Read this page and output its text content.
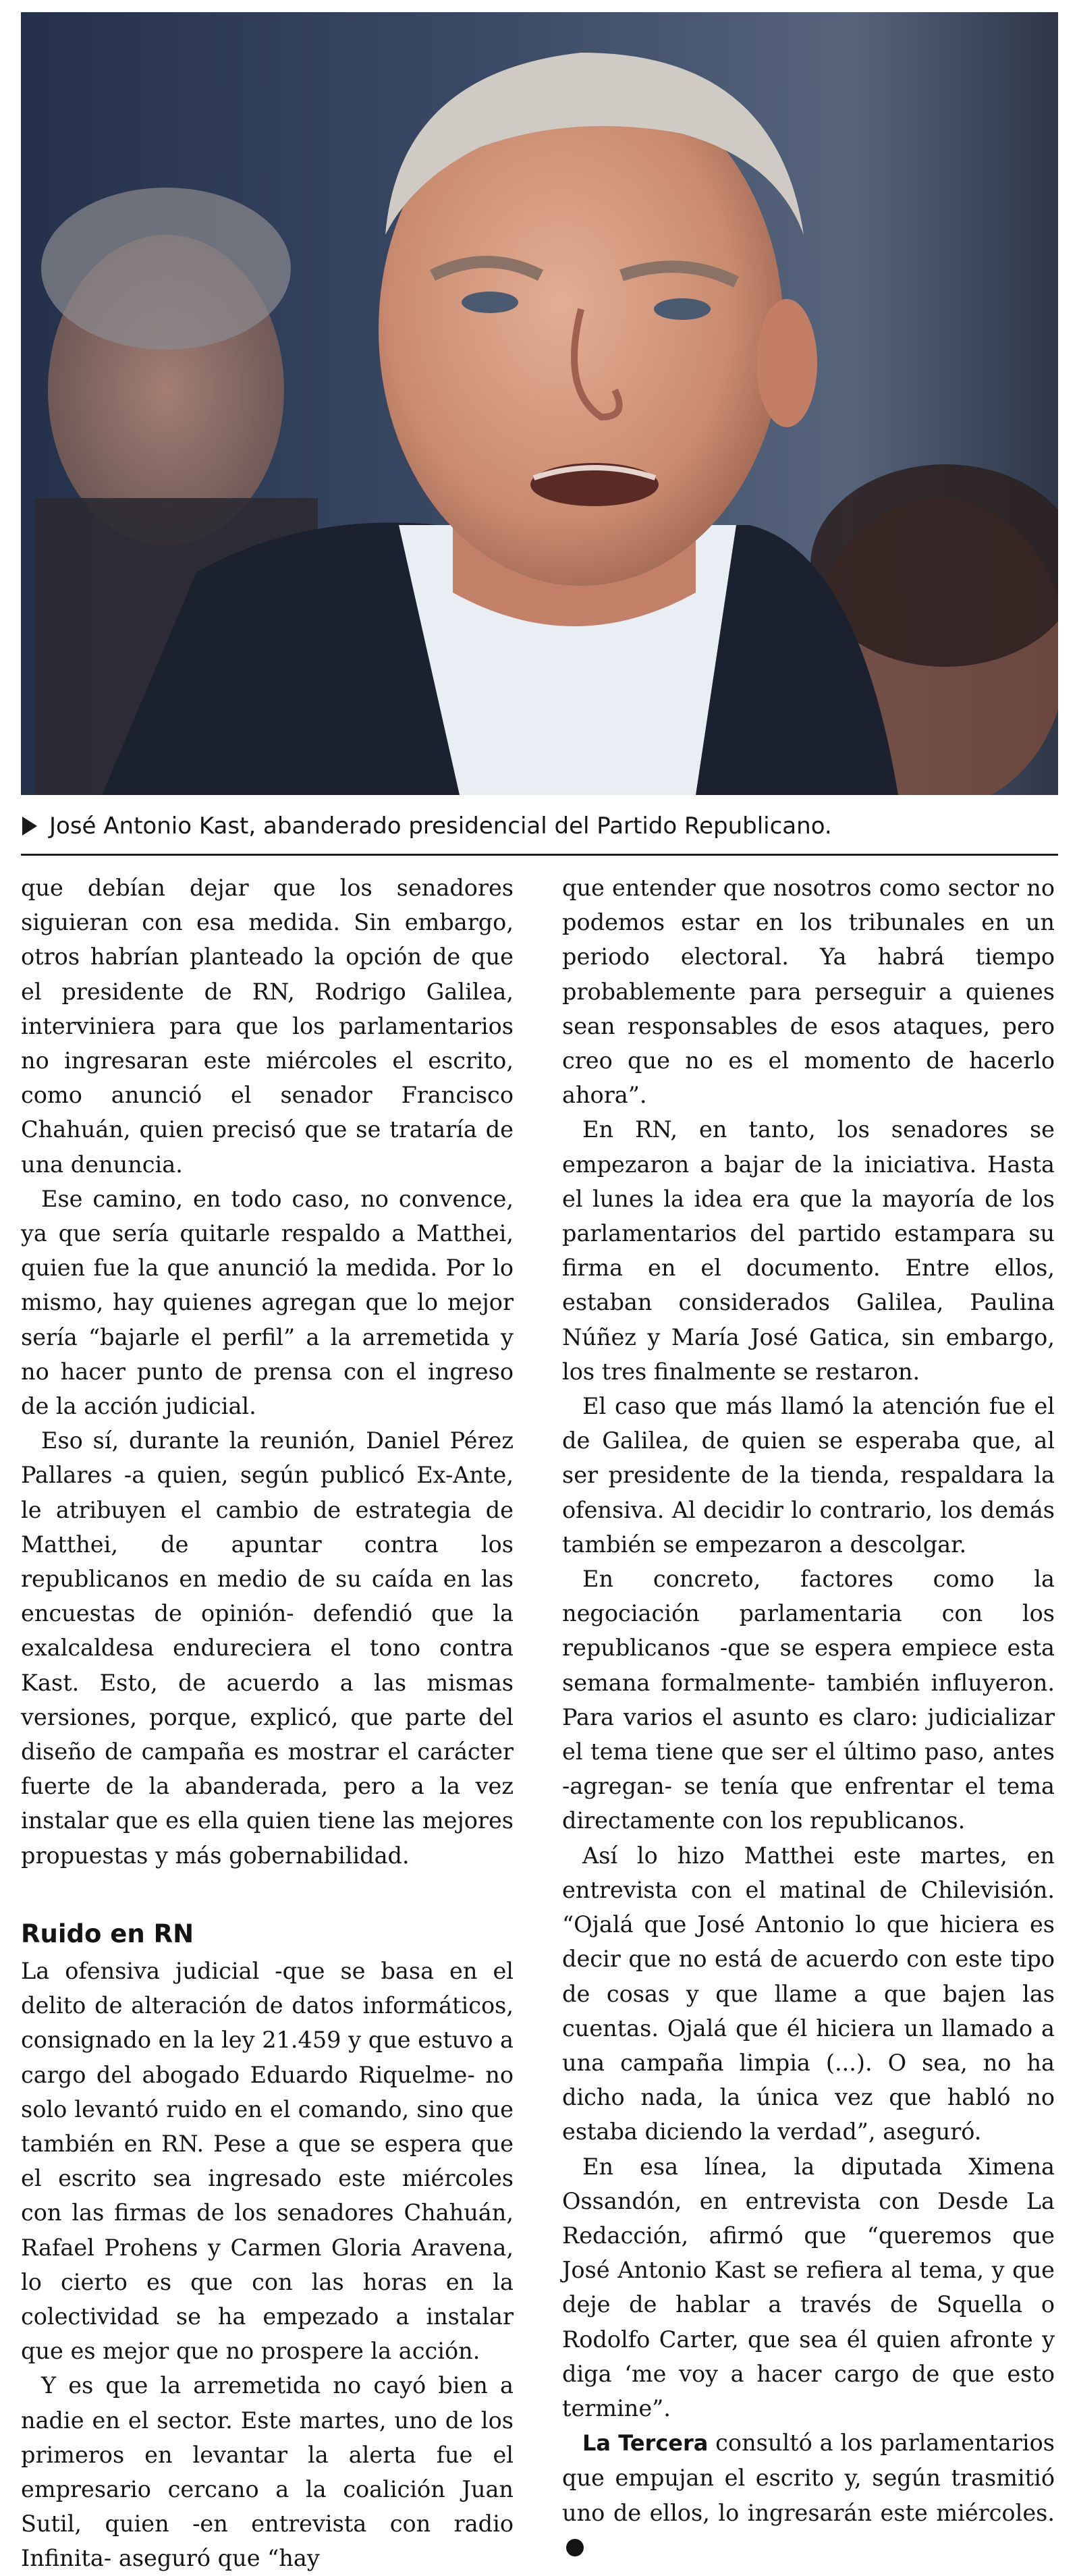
José Antonio Kast, abanderado presidencial del Partido Republicano.

que debían dejar que los senadores siguieran con esa medida. Sin embargo, otros habrían planteado la opción de que el presidente de RN, Rodrigo Galilea, interviniera para que los parlamentarios no ingresaran este miércoles el escrito, como anunció el senador Francisco Chahuán, quien precisó que se trataría de una denuncia.

Ese camino, en todo caso, no convence, ya que sería quitarle respaldo a Matthei, quien fue la que anunció la medida. Por lo mismo, hay quienes agregan que lo mejor sería “bajarle el perfil” a la arremetida y no hacer punto de prensa con el ingreso de la acción judicial.

Eso sí, durante la reunión, Daniel Pérez Pallares -a quien, según publicó Ex-Ante, le atribuyen el cambio de estrategia de Matthei, de apuntar contra los republicanos en medio de su caída en las encuestas de opinión- defendió que la exalcaldesa endureciera el tono contra Kast. Esto, de acuerdo a las mismas versiones, porque, explicó, que parte del diseño de campaña es mostrar el carácter fuerte de la abanderada, pero a la vez instalar que es ella quien tiene las mejores propuestas y más gobernabilidad.

Ruido en RN

La ofensiva judicial -que se basa en el delito de alteración de datos informáticos, consignado en la ley 21.459 y que estuvo a cargo del abogado Eduardo Riquelme- no solo levantó ruido en el comando, sino que también en RN. Pese a que se espera que el escrito sea ingresado este miércoles con las firmas de los senadores Chahuán, Rafael Prohens y Carmen Gloria Aravena, lo cierto es que con las horas en la colectividad se ha empezado a instalar que es mejor que no prospere la acción.

Y es que la arremetida no cayó bien a nadie en el sector. Este martes, uno de los primeros en levantar la alerta fue el empresario cercano a la coalición Juan Sutil, quien -en entrevista con radio Infinita- aseguró que “hay

que entender que nosotros como sector no podemos estar en los tribunales en un periodo electoral. Ya habrá tiempo probablemente para perseguir a quienes sean responsables de esos ataques, pero creo que no es el momento de hacerlo ahora”.

En RN, en tanto, los senadores se empezaron a bajar de la iniciativa. Hasta el lunes la idea era que la mayoría de los parlamentarios del partido estampara su firma en el documento. Entre ellos, estaban considerados Galilea, Paulina Núñez y María José Gatica, sin embargo, los tres finalmente se restaron.

El caso que más llamó la atención fue el de Galilea, de quien se esperaba que, al ser presidente de la tienda, respaldara la ofensiva. Al decidir lo contrario, los demás también se empezaron a descolgar.

En concreto, factores como la negociación parlamentaria con los republicanos -que se espera empiece esta semana formalmente- también influyeron. Para varios el asunto es claro: judicializar el tema tiene que ser el último paso, antes -agregan- se tenía que enfrentar el tema directamente con los republicanos.

Así lo hizo Matthei este martes, en entrevista con el matinal de Chilevisión. “Ojalá que José Antonio lo que hiciera es decir que no está de acuerdo con este tipo de cosas y que llame a que bajen las cuentas. Ojalá que él hiciera un llamado a una campaña limpia (...). O sea, no ha dicho nada, la única vez que habló no estaba diciendo la verdad”, aseguró.

En esa línea, la diputada Ximena Ossandón, en entrevista con Desde La Redacción, afirmó que “queremos que José Antonio Kast se refiera al tema, y que deje de hablar a través de Squella o Rodolfo Carter, que sea él quien afronte y diga ‘me voy a hacer cargo de que esto termine”.

La Tercera consultó a los parlamentarios que empujan el escrito y, según trasmitió uno de ellos, lo ingresarán este miércoles.
